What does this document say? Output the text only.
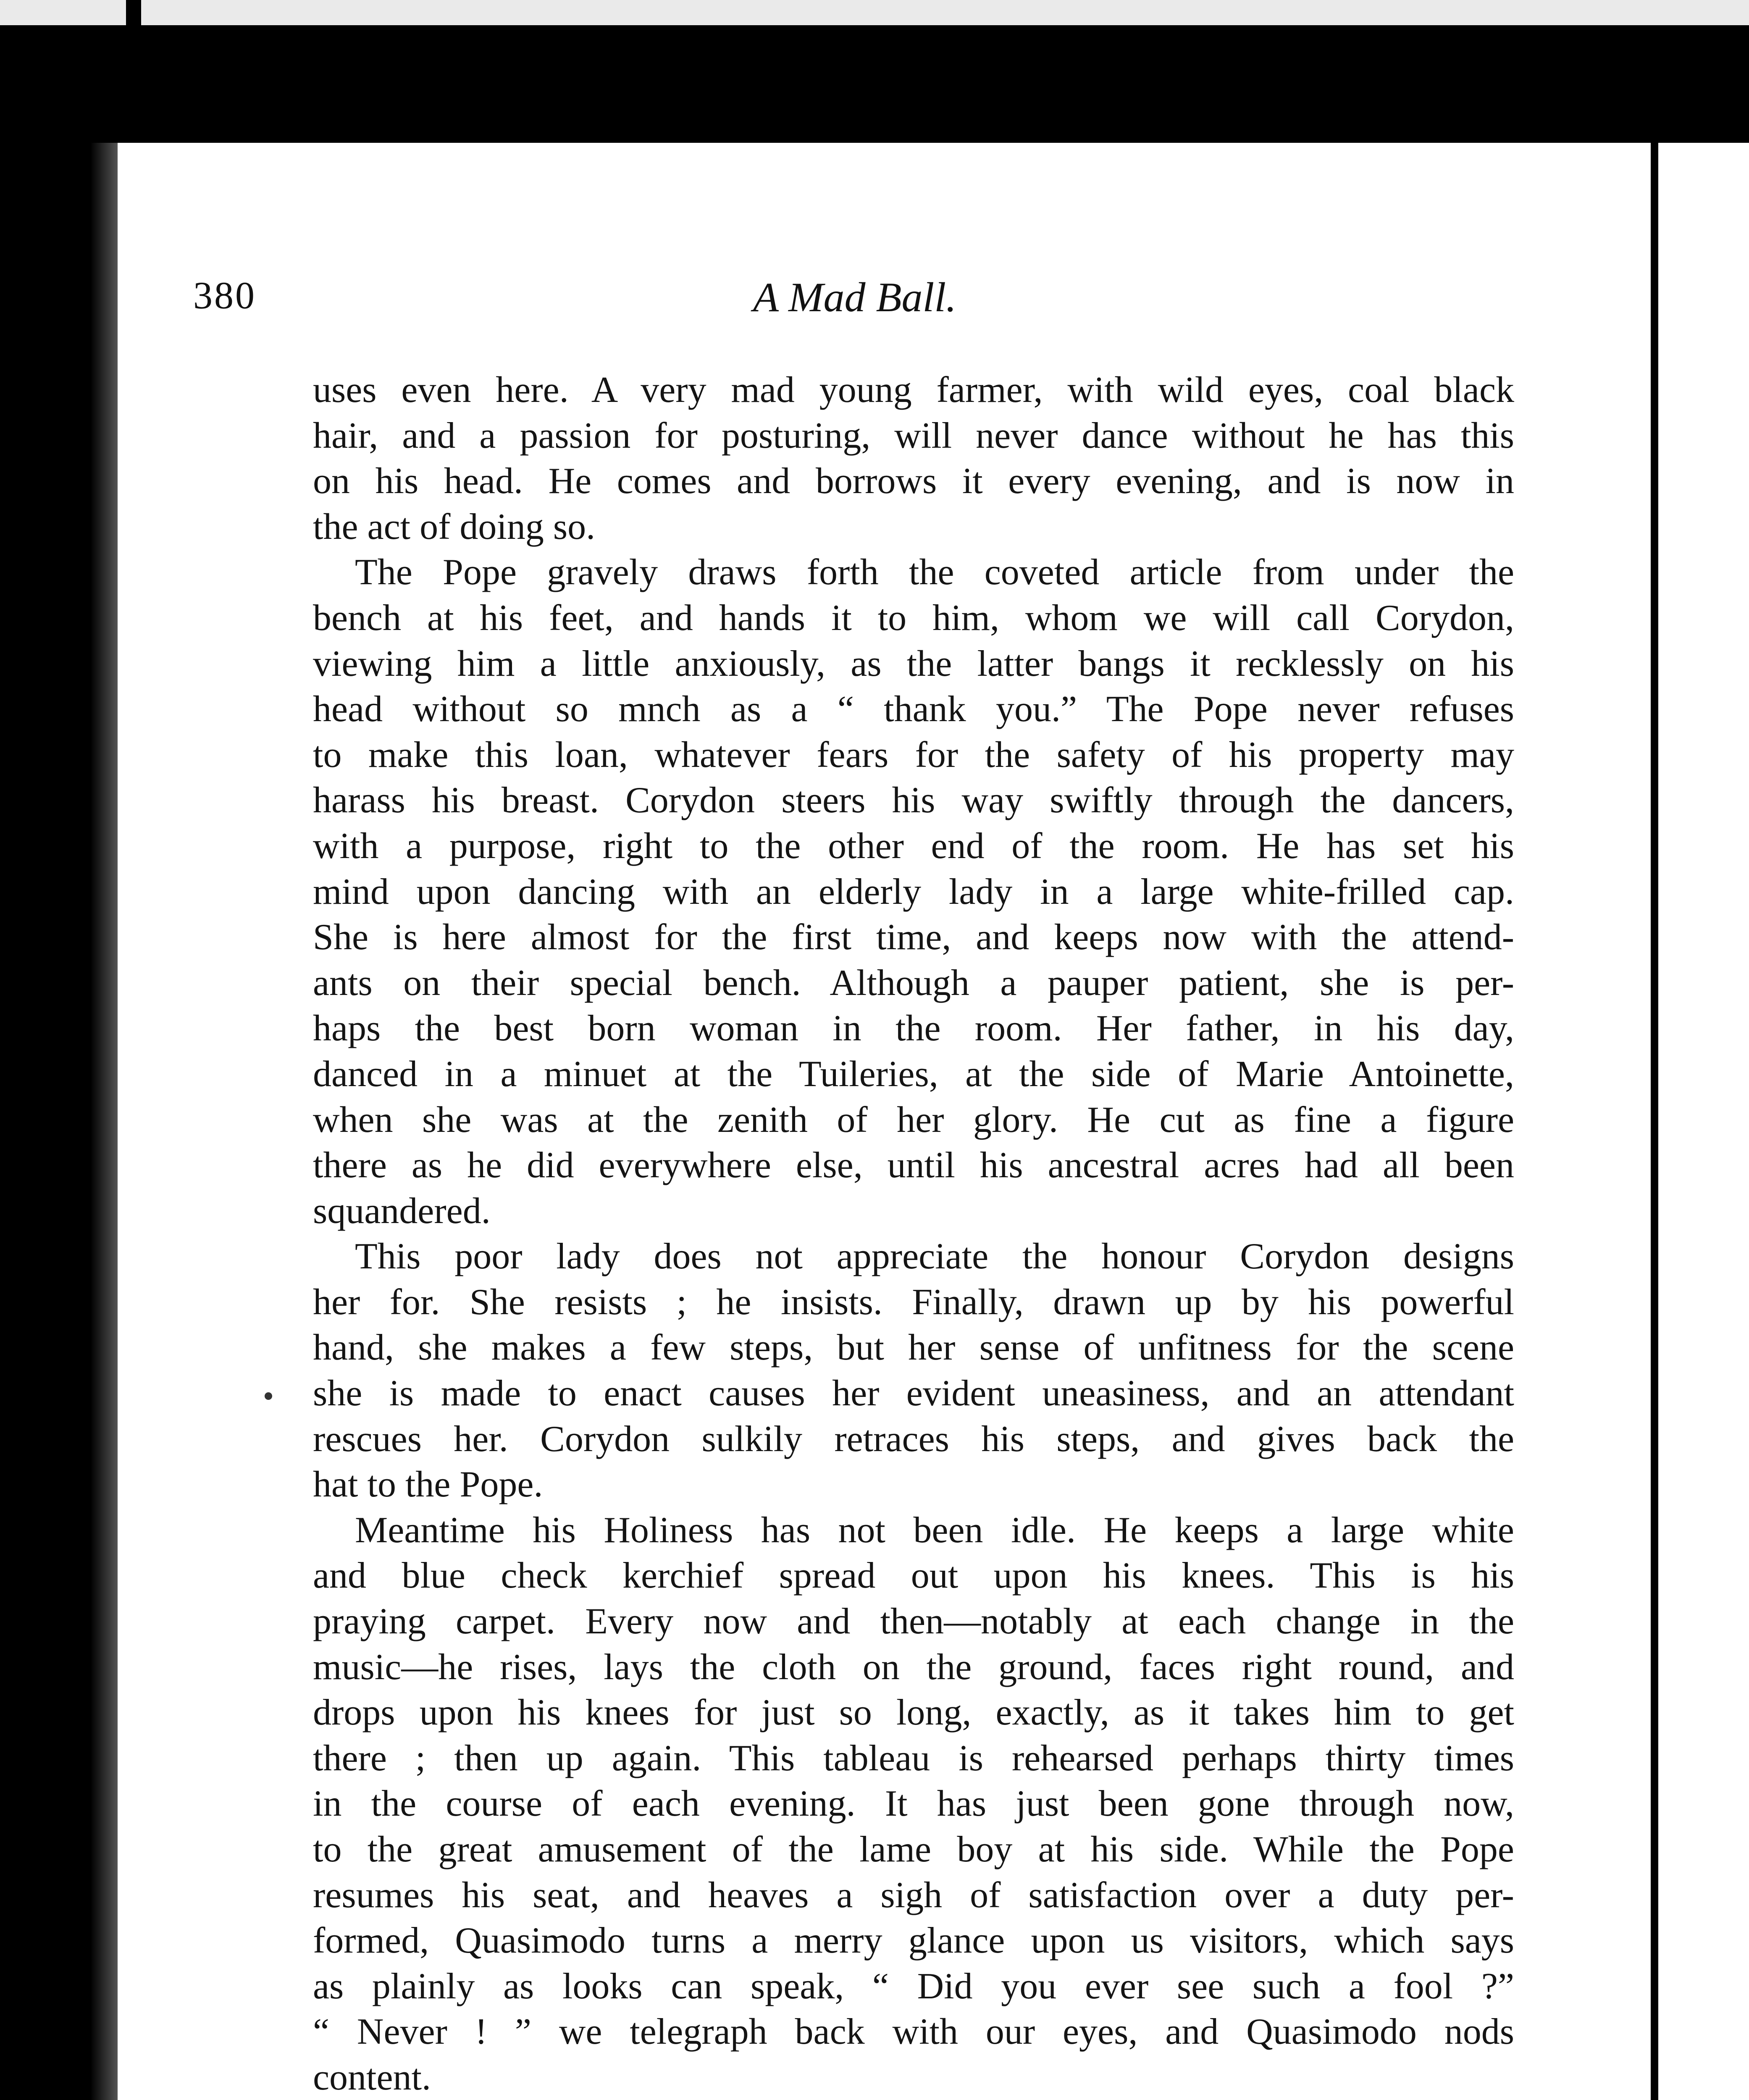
380	A Mad Ball.
uses even here. A very mad young farmer, with wild eyes, coal black
hair, and a passion for posturing, will never dance without he has this
on his head. He comes and borrows it every evening, and is now in
the act of doing so.
The Pope gravely draws forth the coveted article from under the
bench at his feet, and hands it to him, whom we will call Corydon,
viewing him a little anxiously, as the latter bangs it recklessly on his
head without so mnch as a “ thank you.” The Pope never refuses
to make this loan, whatever fears for the safety of his property may
harass his breast. Corydon steers his way swiftly through the dancers,
with a purpose, right to the other end of the room. He has set his
mind upon dancing with an elderly lady in a large white-frilled cap.
She is here almost for the first time, and keeps now with the attend-
ants on their special bench. Although a pauper patient, she is per-
haps the best born woman in the room. Her father, in his day,
danced in a minuet at the Tuileries, at the side of Marie Antoinette,
when she was at the zenith of her glory. He cut as fine a figure
there as he did everywhere else, until his ancestral acres had all been
squandered.
This poor lady does not appreciate the honour Corydon designs
her for. She resists ; he insists. Finally, drawn up by his powerful
hand, she makes a few steps, but her sense of unfitness for the scene
she is made to enact causes her evident uneasiness, and an attendant
rescues her. Corydon sulkily retraces his steps, and gives back the
hat to the Pope.
Meantime his Holiness has not been idle. He keeps a large white
and blue check kerchief spread out upon his knees. This is his
praying carpet. Every now and then—notably at each change in the
music—he rises, lays the cloth on the ground, faces right round, and
drops upon his knees for just so long, exactly, as it takes him to get
there ; then up again. This tableau is rehearsed perhaps thirty times
in the course of each evening. It has just been gone through now,
to the great amusement of the lame boy at his side. While the Pope
resumes his seat, and heaves a sigh of satisfaction over a duty per-
formed, Quasimodo turns a merry glance upon us visitors, which says
as plainly as looks can speak, “ Did you ever see such a fool ?”
“ Never ! ” we telegraph back with our eyes, and Quasimodo nods
content.
